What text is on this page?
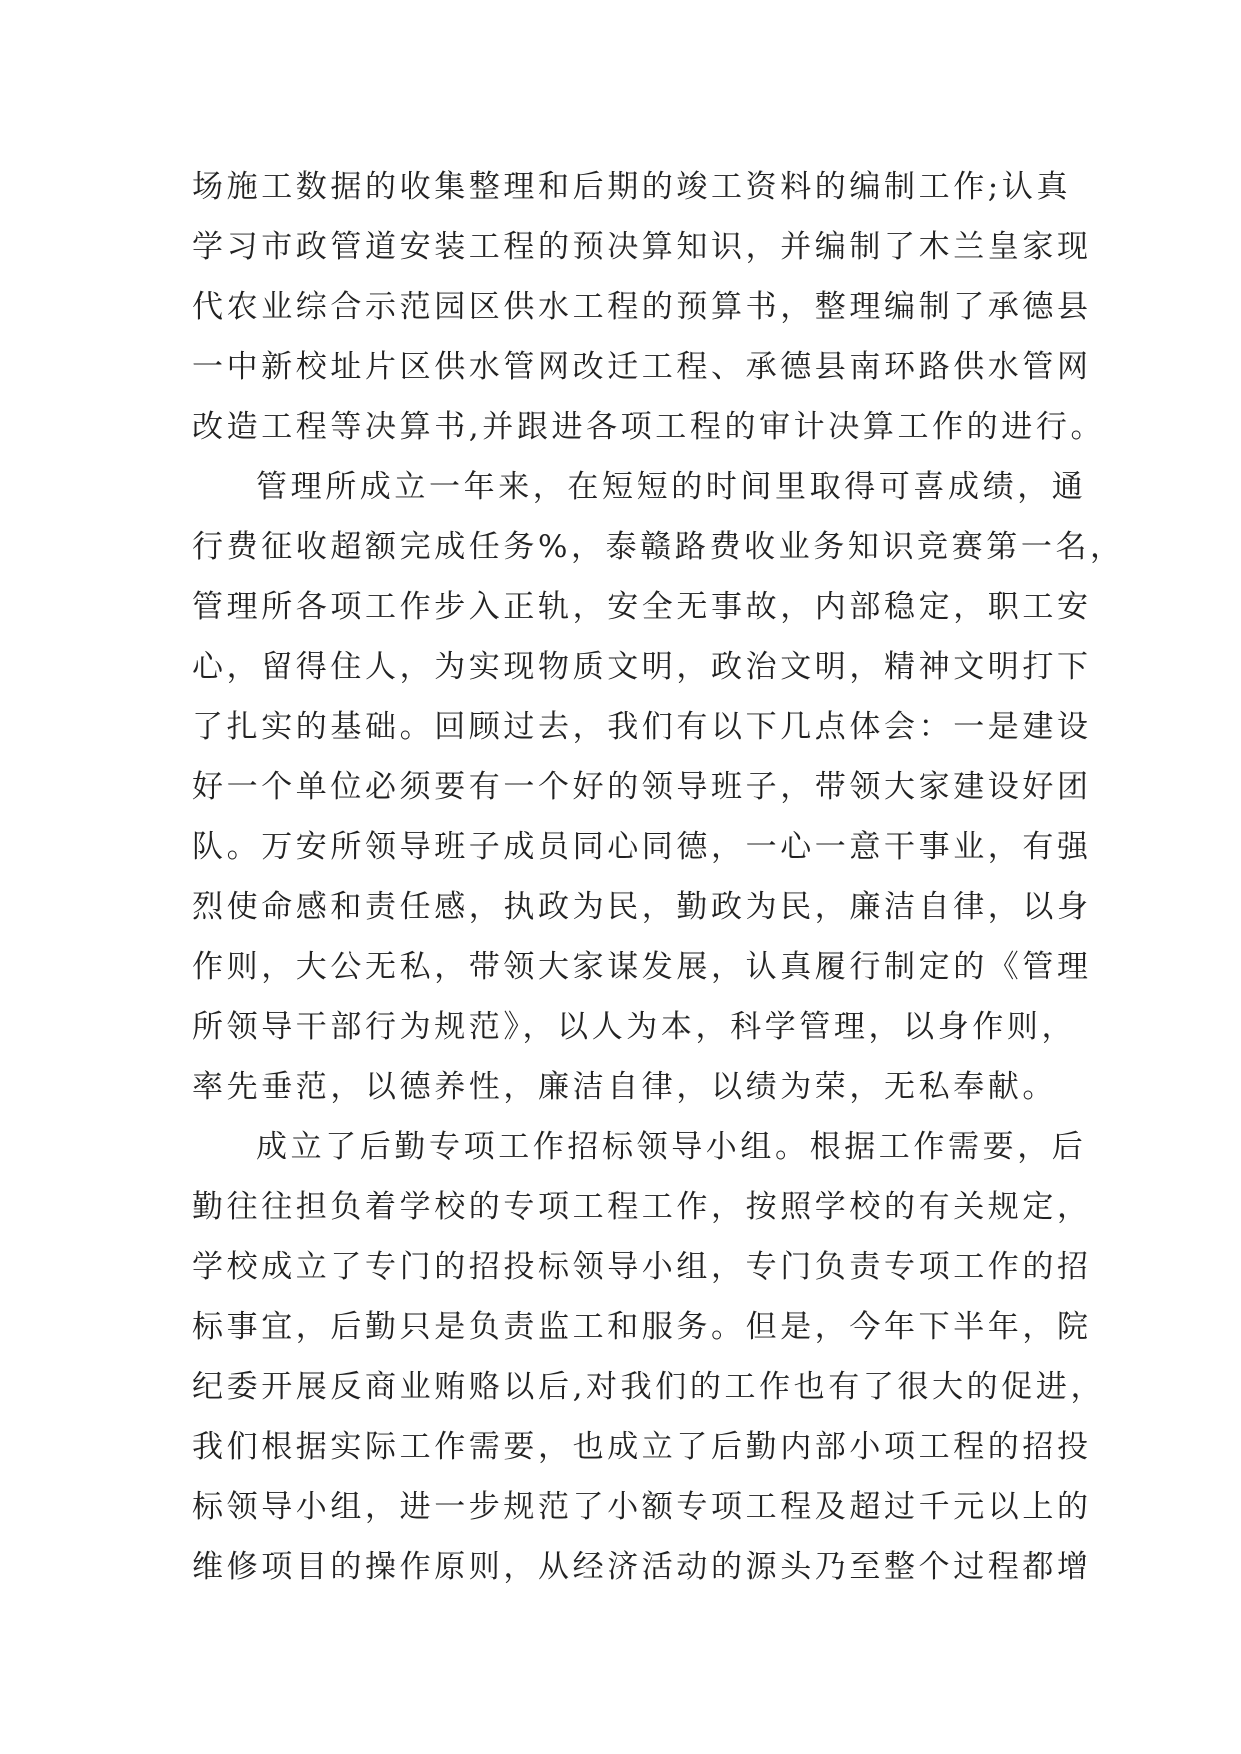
场施工数据的收集整理和后期的竣工资料的编制工作;认真
学习市政管道安装工程的预决算知识，并编制了木兰皇家现
代农业综合示范园区供水工程的预算书，整理编制了承德县
一中新校址片区供水管网改迁工程、承德县南环路供水管网
改造工程等决算书,并跟进各项工程的审计决算工作的进行。
管理所成立一年来，在短短的时间里取得可喜成绩，通
行费征收超额完成任务%，泰赣路费收业务知识竞赛第一名，
管理所各项工作步入正轨，安全无事故，内部稳定，职工安
心，留得住人，为实现物质文明，政治文明，精神文明打下
了扎实的基础。回顾过去，我们有以下几点体会：一是建设
好一个单位必须要有一个好的领导班子，带领大家建设好团
队。万安所领导班子成员同心同德，一心一意干事业，有强
烈使命感和责任感，执政为民，勤政为民，廉洁自律，以身
作则，大公无私，带领大家谋发展，认真履行制定的《管理
所领导干部行为规范》，以人为本，科学管理，以身作则，
率先垂范，以德养性，廉洁自律，以绩为荣，无私奉献。
成立了后勤专项工作招标领导小组。根据工作需要，后
勤往往担负着学校的专项工程工作，按照学校的有关规定，
学校成立了专门的招投标领导小组，专门负责专项工作的招
标事宜，后勤只是负责监工和服务。但是，今年下半年，院
纪委开展反商业贿赂以后,对我们的工作也有了很大的促进，
我们根据实际工作需要，也成立了后勤内部小项工程的招投
标领导小组，进一步规范了小额专项工程及超过千元以上的
维修项目的操作原则，从经济活动的源头乃至整个过程都增
